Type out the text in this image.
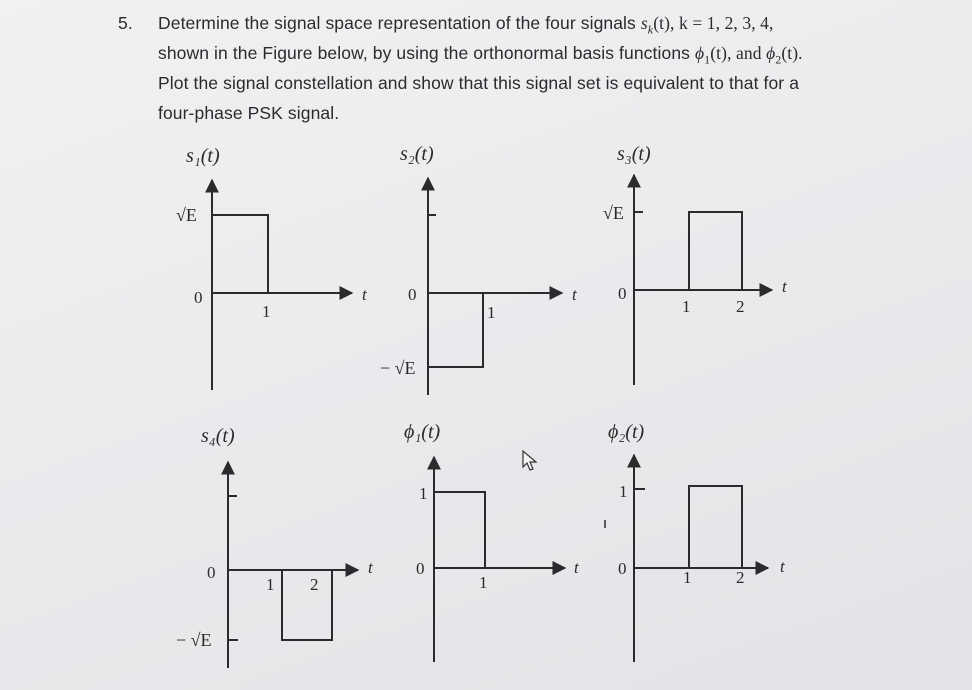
5. Determine the signal space representation of the four signals $s_k(t)$, k = 1, 2, 3, 4,
shown in the Figure below, by using the orthonormal basis functions $\phi_1(t)$, and $\phi_2(t)$.
Plot the signal constellation and show that this signal set is equivalent to that for a
four-phase PSK signal.
s₁(t)
√E
0
1
t
s₂(t)
0
1
− √E
t
s₃(t)
√E
0
1	2
t
s₄(t)
0
1 2
− √E
t
ϕ₁(t)
1
0
1
t
ϕ₂(t)
1
0	1	2
t
